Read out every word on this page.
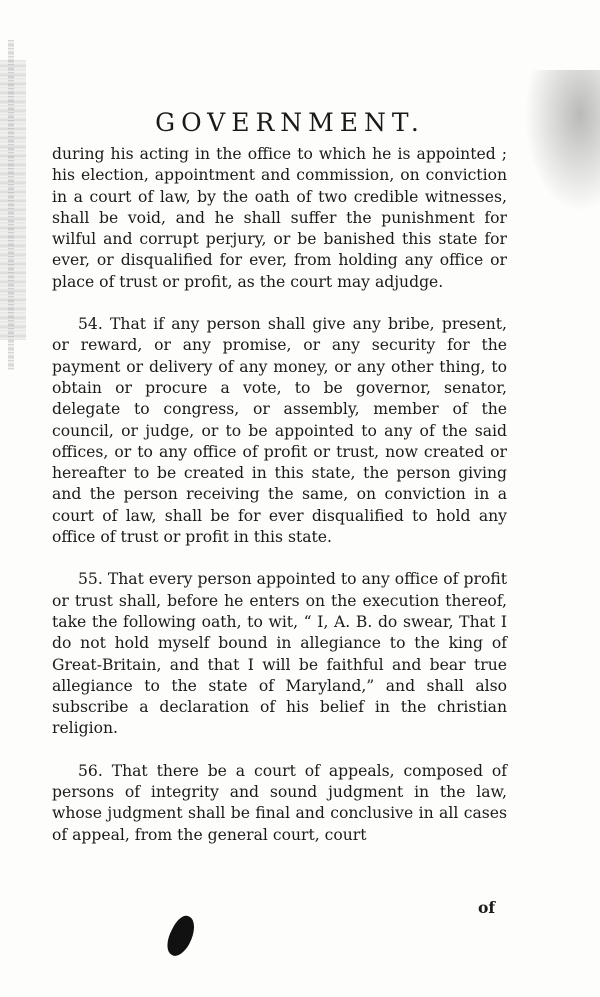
GOVERNMENT.

during his acting in the office to which he is appointed ; his election, appointment and commission, on conviction in a court of law, by the oath of two credible witnesses, shall be void, and he shall suffer the punishment for wilful and corrupt perjury, or be banished this state for ever, or disqualified for ever, from holding any office or place of trust or profit, as the court may adjudge.

54. That if any person shall give any bribe, present, or reward, or any promise, or any security for the payment or delivery of any money, or any other thing, to obtain or procure a vote, to be governor, senator, delegate to congress, or assembly, member of the council, or judge, or to be appointed to any of the said offices, or to any office of profit or trust, now created or hereafter to be created in this state, the person giving and the person receiving the same, on conviction in a court of law, shall be for ever disqualified to hold any office of trust or profit in this state.

55. That every person appointed to any office of profit or trust shall, before he enters on the execution thereof, take the following oath, to wit, “ I, A. B. do swear, That I do not hold myself bound in allegiance to the king of Great-Britain, and that I will be faithful and bear true allegiance to the state of Maryland,” and shall also subscribe a declaration of his belief in the christian religion.

56. That there be a court of appeals, composed of persons of integrity and sound judgment in the law, whose judgment shall be final and conclusive in all cases of appeal, from the general court, court

of
